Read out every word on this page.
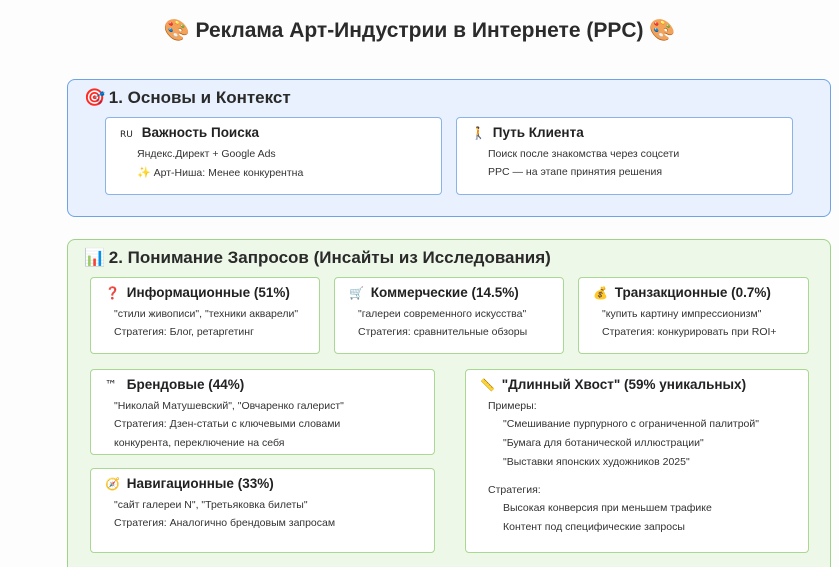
🎨 Реклама Арт-Индустрии в Интернете (PPC) 🎨
🎯 1. Основы и Контекст
RU Важность Поиска
Яндекс.Директ + Google Ads
✨ Арт-Ниша: Менее конкурентна
🚶 Путь Клиента
Поиск после знакомства через соцсети
PPC — на этапе принятия решения
📊 2. Понимание Запросов (Инсайты из Исследования)
❓ Информационные (51%)
"стили живописи", "техники акварели"
Стратегия: Блог, ретаргетинг
🛒 Коммерческие (14.5%)
"галереи современного искусства"
Стратегия: сравнительные обзоры
💰 Транзакционные (0.7%)
"купить картину импрессионизм"
Стратегия: конкурировать при ROI+
™ Брендовые (44%)
"Николай Матушевский", "Овчаренко галерист"
Стратегия: Дзен-статьи с ключевыми словами
конкурента, переключение на себя
🧭 Навигационные (33%)
"сайт галереи N", "Третьяковка билеты"
Стратегия: Аналогично брендовым запросам
📏 "Длинный Хвост" (59% уникальных)
Примеры:
"Смешивание пурпурного с ограниченной палитрой"
"Бумага для ботанической иллюстрации"
"Выставки японских художников 2025"
Стратегия:
Высокая конверсия при меньшем трафике
Контент под специфические запросы
